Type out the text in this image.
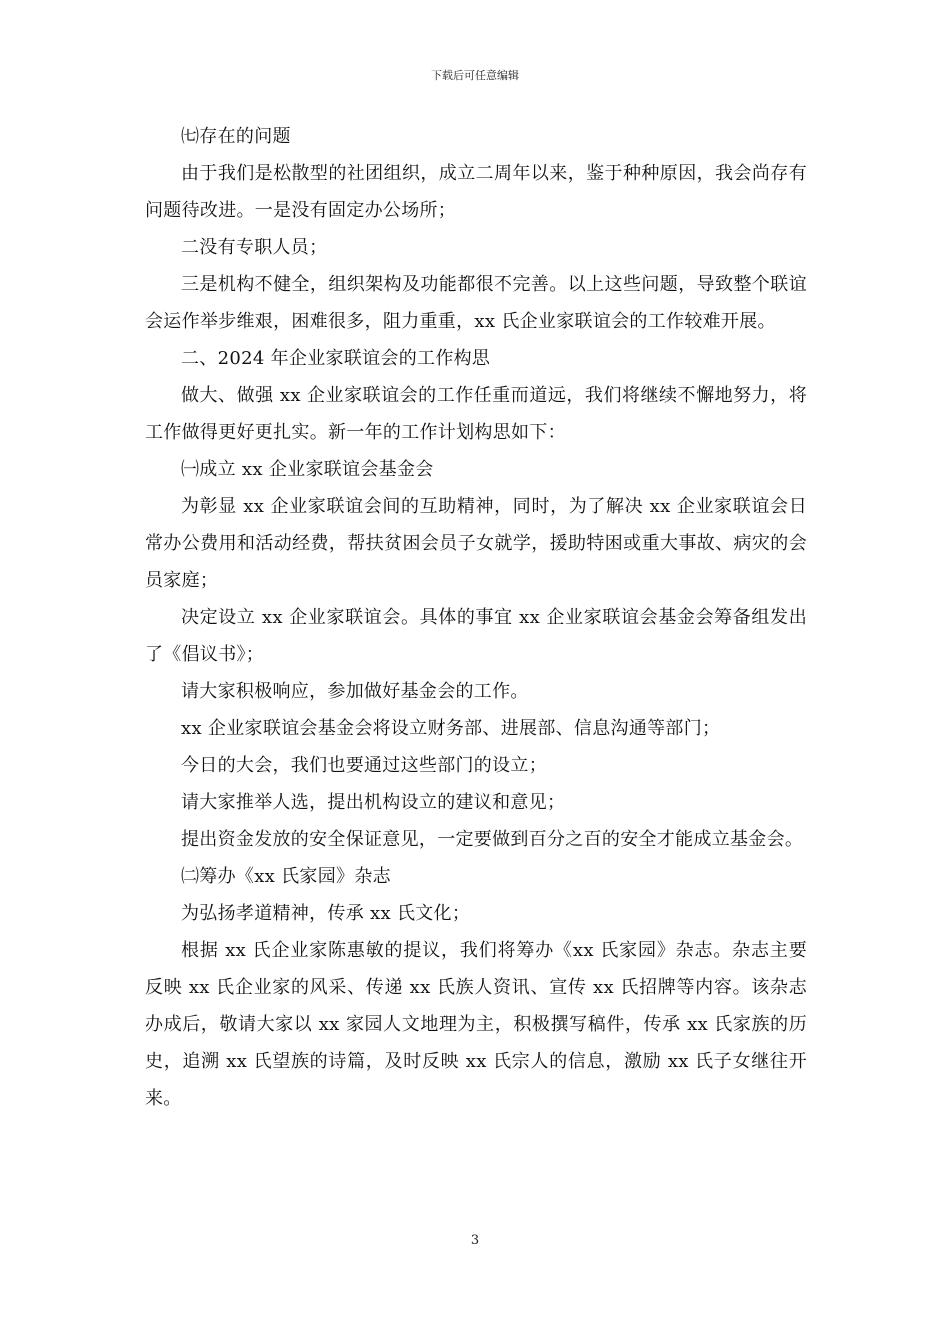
下载后可任意编辑

㈦存在的问题

由于我们是松散型的社团组织，成立二周年以来，鉴于种种原因，我会尚存有问题待改进。一是没有固定办公场所；

二没有专职人员；

三是机构不健全，组织架构及功能都很不完善。以上这些问题，导致整个联谊会运作举步维艰，困难很多，阻力重重，xx 氏企业家联谊会的工作较难开展。

二、2024 年企业家联谊会的工作构思

做大、做强 xx 企业家联谊会的工作任重而道远，我们将继续不懈地努力，将工作做得更好更扎实。新一年的工作计划构思如下：

㈠成立 xx 企业家联谊会基金会

为彰显 xx 企业家联谊会间的互助精神，同时，为了解决 xx 企业家联谊会日常办公费用和活动经费，帮扶贫困会员子女就学，援助特困或重大事故、病灾的会员家庭；

决定设立 xx 企业家联谊会。具体的事宜 xx 企业家联谊会基金会筹备组发出了《倡议书》；

请大家积极响应，参加做好基金会的工作。

xx 企业家联谊会基金会将设立财务部、进展部、信息沟通等部门；

今日的大会，我们也要通过这些部门的设立；

请大家推举人选，提出机构设立的建议和意见；

提出资金发放的安全保证意见，一定要做到百分之百的安全才能成立基金会。

㈡筹办《xx 氏家园》杂志

为弘扬孝道精神，传承 xx 氏文化；

根据 xx 氏企业家陈惠敏的提议，我们将筹办《xx 氏家园》杂志。杂志主要反映 xx 氏企业家的风采、传递 xx 氏族人资讯、宣传 xx 氏招牌等内容。该杂志办成后，敬请大家以 xx 家园人文地理为主，积极撰写稿件，传承 xx 氏家族的历史，追溯 xx 氏望族的诗篇，及时反映 xx 氏宗人的信息，激励 xx 氏子女继往开来。

3
